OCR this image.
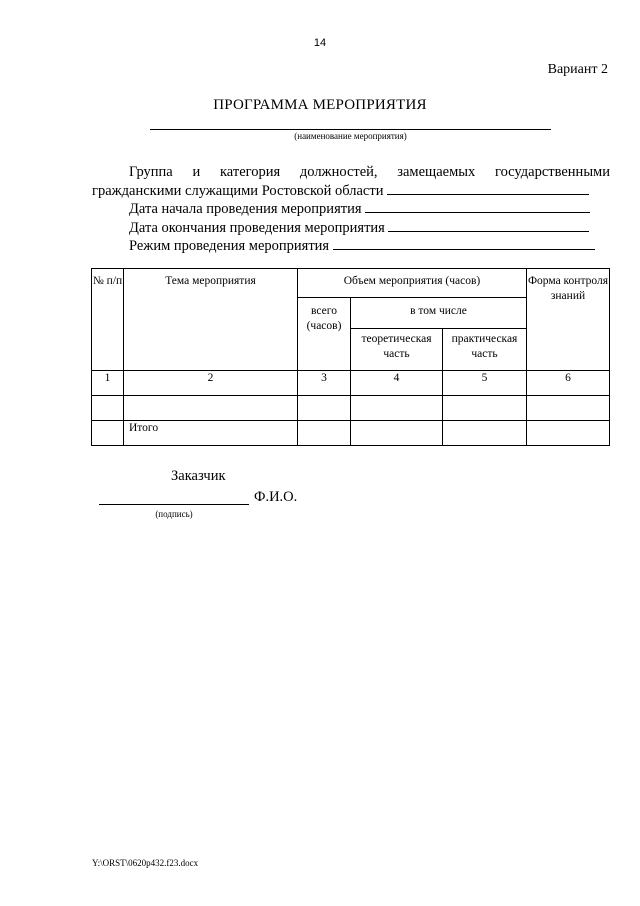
14
Вариант 2
ПРОГРАММА МЕРОПРИЯТИЯ
(наименование мероприятия)
Группа и категория должностей, замещаемых государственными
гражданскими служащими Ростовской области
Дата начала проведения мероприятия
Дата окончания проведения мероприятия
Режим проведения мероприятия
№ п/п	Тема мероприятия	Объем мероприятия (часов)			Форма контроля знаний
		всего (часов)	в том числе		
			теоретическая часть	практическая часть	
1	2	3	4	5	6

	Итого				
Заказчик
Ф.И.О.
(подпись)
Y:\ORST\0620p432.f23.docx
